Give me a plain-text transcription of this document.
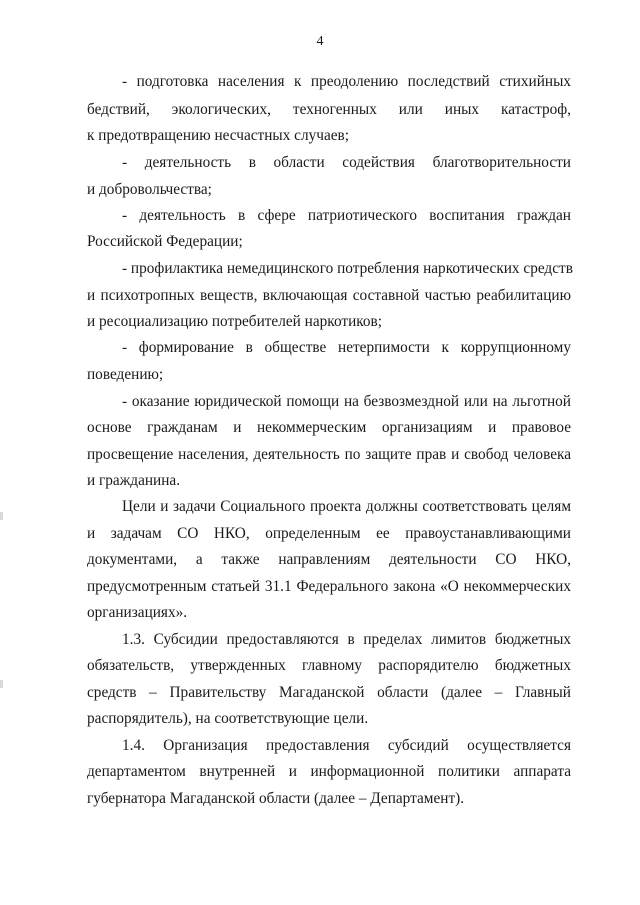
4
- подготовка населения к преодолению последствий стихийных
бедствий, экологических, техногенных или иных катастроф,
к предотвращению несчастных случаев;
- деятельность в области содействия благотворительности
и добровольчества;
- деятельность в сфере патриотического воспитания граждан
Российской Федерации;
- профилактика немедицинского потребления наркотических средств
и психотропных веществ, включающая составной частью реабилитацию
и ресоциализацию потребителей наркотиков;
- формирование в обществе нетерпимости к коррупционному
поведению;
- оказание юридической помощи на безвозмездной или на льготной
основе гражданам и некоммерческим организациям и правовое
просвещение населения, деятельность по защите прав и свобод человека
и гражданина.
Цели и задачи Социального проекта должны соответствовать целям
и задачам СО НКО, определенным ее правоустанавливающими
документами, а также направлениям деятельности СО НКО,
предусмотренным статьей 31.1 Федерального закона «О некоммерческих
организациях».
1.3. Субсидии предоставляются в пределах лимитов бюджетных
обязательств, утвержденных главному распорядителю бюджетных
средств – Правительству Магаданской области (далее – Главный
распорядитель), на соответствующие цели.
1.4. Организация предоставления субсидий осуществляется
департаментом внутренней и информационной политики аппарата
губернатора Магаданской области (далее – Департамент).
